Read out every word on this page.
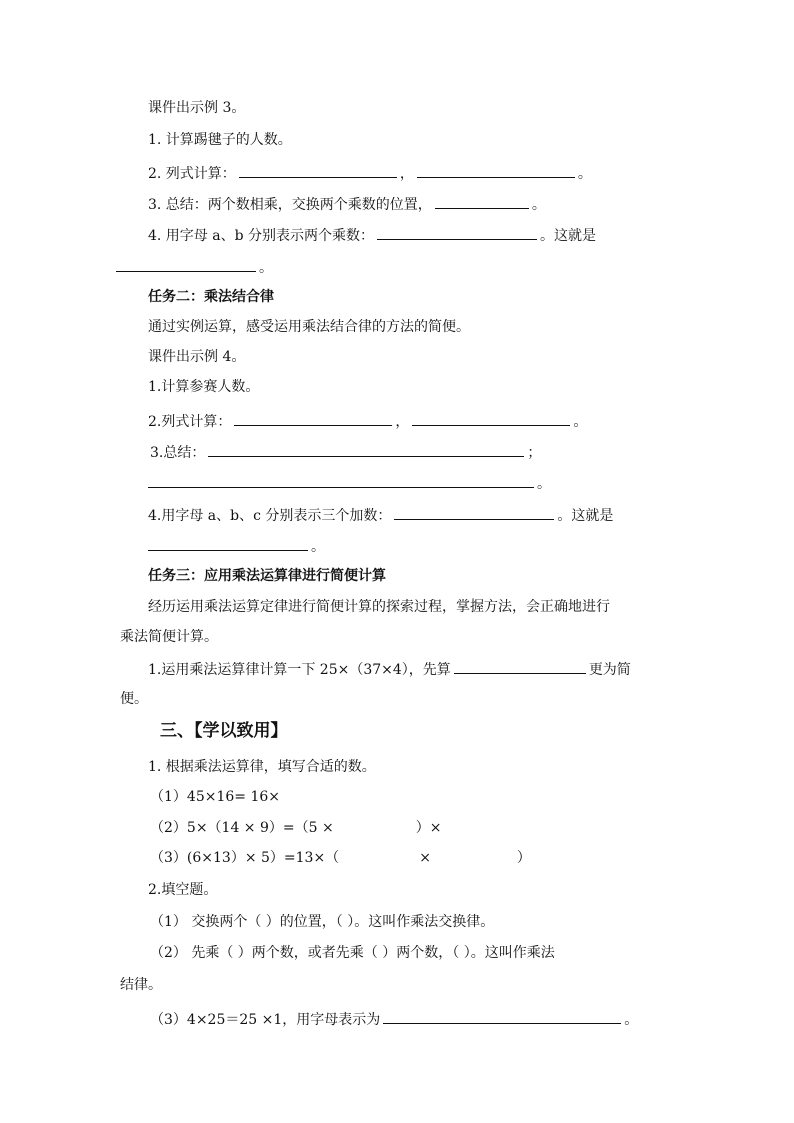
课件出示例 3。
1. 计算踢毽子的人数。
2. 列式计算：	，	。
3. 总结：两个数相乘，交换两个乘数的位置，	。
4. 用字母 a、b 分别表示两个乘数：	。这就是
。
任务二：乘法结合律
通过实例运算，感受运用乘法结合律的方法的简便。
课件出示例 4。
1.计算参赛人数。
2.列式计算：	，	。
3.总结：	；
。
4.用字母 a、b、c 分别表示三个加数：	。这就是
。
任务三：应用乘法运算律进行简便计算
经历运用乘法运算定律进行简便计算的探索过程，掌握方法，会正确地进行
乘法简便计算。
1.运用乘法运算律计算一下 25×（37×4），先算	更为简
便。
三、【学以致用】
1. 根据乘法运算律，填写合适的数。
（1）45×16= 16×
（2）5×（14 × 9）=（5 ×	）×
（3）(6×13）× 5）=13×（	×	）
2.填空题。
（1） 交换两个（ ）的位置，（ ）。这叫作乘法交换律。
（2） 先乘（ ）两个数，或者先乘（ ）两个数，（ ）。这叫作乘法
结律。
（3）4×25＝25 ×1，用字母表示为	。
